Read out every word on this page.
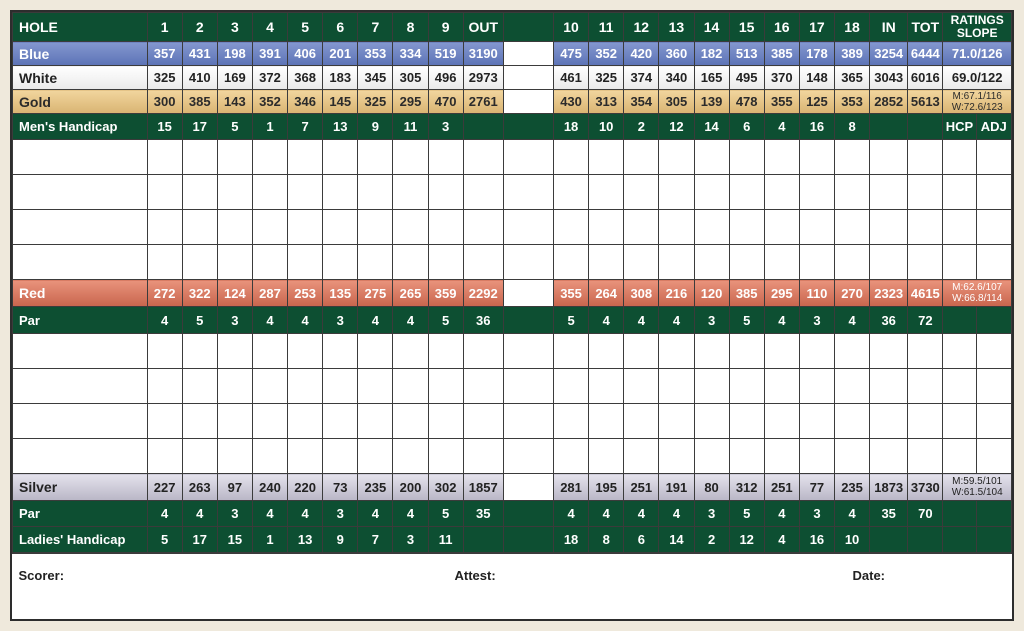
HOLE	1	2	3	4	5	6	7	8	9	OUT		10	11	12	13	14	15	16	17	18	IN	TOT	RATINGS
SLOPE	

Blue	357	431	198	391	406	201	353	334	519	3190		475	352	420	360	182	513	385	178	389	3254	6444	71.0/126	
White	325	410	169	372	368	183	345	305	496	2973		461	325	374	340	165	495	370	148	365	3043	6016	69.0/122	
Gold	300	385	143	352	346	145	325	295	470	2761		430	313	354	305	139	478	355	125	353	2852	5613	M:67.1/116
W:72.6/123	

Men's Handicap	15	17	5	1	7	13	9	11	3			18	10	2	12	14	6	4	16	8			HCP	ADJ

Red	272	322	124	287	253	135	275	265	359	2292		355	264	308	216	120	385	295	110	270	2323	4615	M:62.6/107
W:66.8/114	

Par	4	5	3	4	4	3	4	4	5	36		5	4	4	4	3	5	4	3	4	36	72		

Silver	227	263	97	240	220	73	235	200	302	1857		281	195	251	191	80	312	251	77	235	1873	3730	M:59.5/101
W:61.5/104	

Par	4	4	3	4	4	3	4	4	5	35		4	4	4	4	3	5	4	3	4	35	70		
Ladies' Handicap	5	17	15	1	13	9	7	3	11			18	8	6	14	2	12	4	16	10				

Scorer: Attest: Date:																								
